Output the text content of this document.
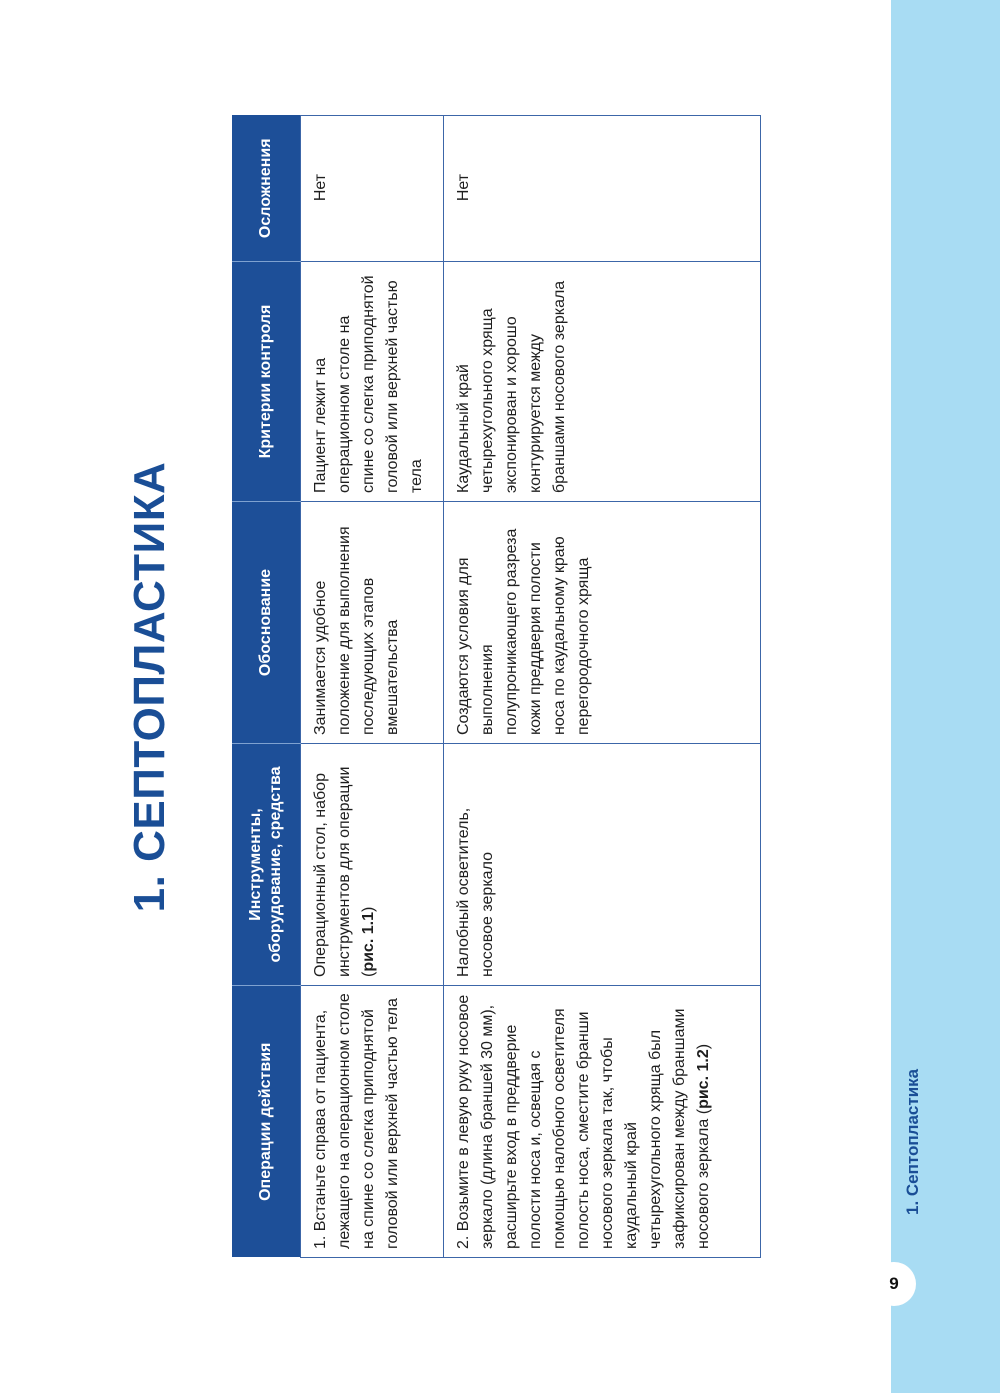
1. Септопластика
9
1. СЕПТОПЛАСТИКА
Операции действия	Инструменты, оборудование, средства	Обоснование	Критерии контроля	Осложнения
1. Встаньте справа от пациента, лежащего на операционном столе на спине со слегка приподнятой головой или верхней частью тела	Операционный стол, набор инструментов для операции (рис. 1.1)	Занимается удобное положение для выполнения последующих этапов вмешательства	Пациент лежит на операционном столе на спине со слегка приподнятой головой или верхней частью тела	Нет
2. Возьмите в левую руку носовое зеркало (длина браншей 30 мм), расширьте вход в преддверие полости носа и, освещая с помощью налобного осветителя полость носа, сместите бранши носового зеркала так, чтобы каудальный край четырехугольного хряща был зафиксирован между браншами носового зеркала (рис. 1.2)	Налобный осветитель, носовое зеркало	Создаются условия для выполнения полупроникающего разреза кожи преддверия полости носа по каудальному краю перегородочного хряща	Каудальный край четырехугольного хряща экспонирован и хорошо контурируется между браншами носового зеркала	Нет
